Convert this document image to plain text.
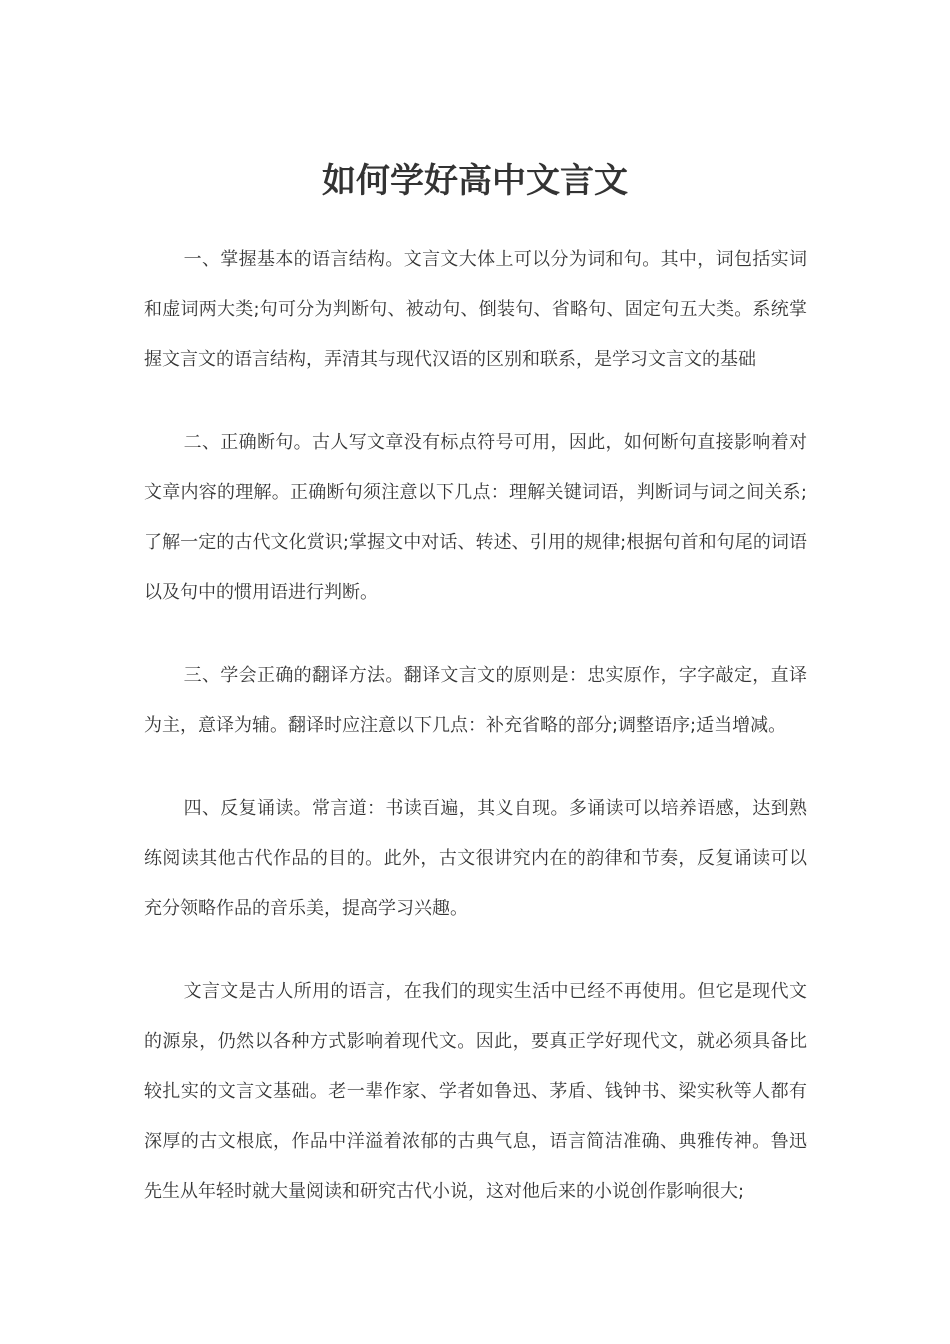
如何学好高中文言文

一、掌握基本的语言结构。文言文大体上可以分为词和句。其中，词包括实词和虚词两大类;句可分为判断句、被动句、倒装句、省略句、固定句五大类。系统掌握文言文的语言结构，弄清其与现代汉语的区别和联系，是学习文言文的基础

二、正确断句。古人写文章没有标点符号可用，因此，如何断句直接影响着对文章内容的理解。正确断句须注意以下几点：理解关键词语，判断词与词之间关系;了解一定的古代文化赏识;掌握文中对话、转述、引用的规律;根据句首和句尾的词语以及句中的惯用语进行判断。

三、学会正确的翻译方法。翻译文言文的原则是：忠实原作，字字敲定，直译为主，意译为辅。翻译时应注意以下几点：补充省略的部分;调整语序;适当增减。

四、反复诵读。常言道：书读百遍，其义自现。多诵读可以培养语感，达到熟练阅读其他古代作品的目的。此外，古文很讲究内在的韵律和节奏，反复诵读可以充分领略作品的音乐美，提高学习兴趣。

文言文是古人所用的语言，在我们的现实生活中已经不再使用。但它是现代文的源泉，仍然以各种方式影响着现代文。因此，要真正学好现代文，就必须具备比较扎实的文言文基础。老一辈作家、学者如鲁迅、茅盾、钱钟书、梁实秋等人都有深厚的古文根底，作品中洋溢着浓郁的古典气息，语言简洁准确、典雅传神。鲁迅先生从年轻时就大量阅读和研究古代小说，这对他后来的小说创作影响很大;
